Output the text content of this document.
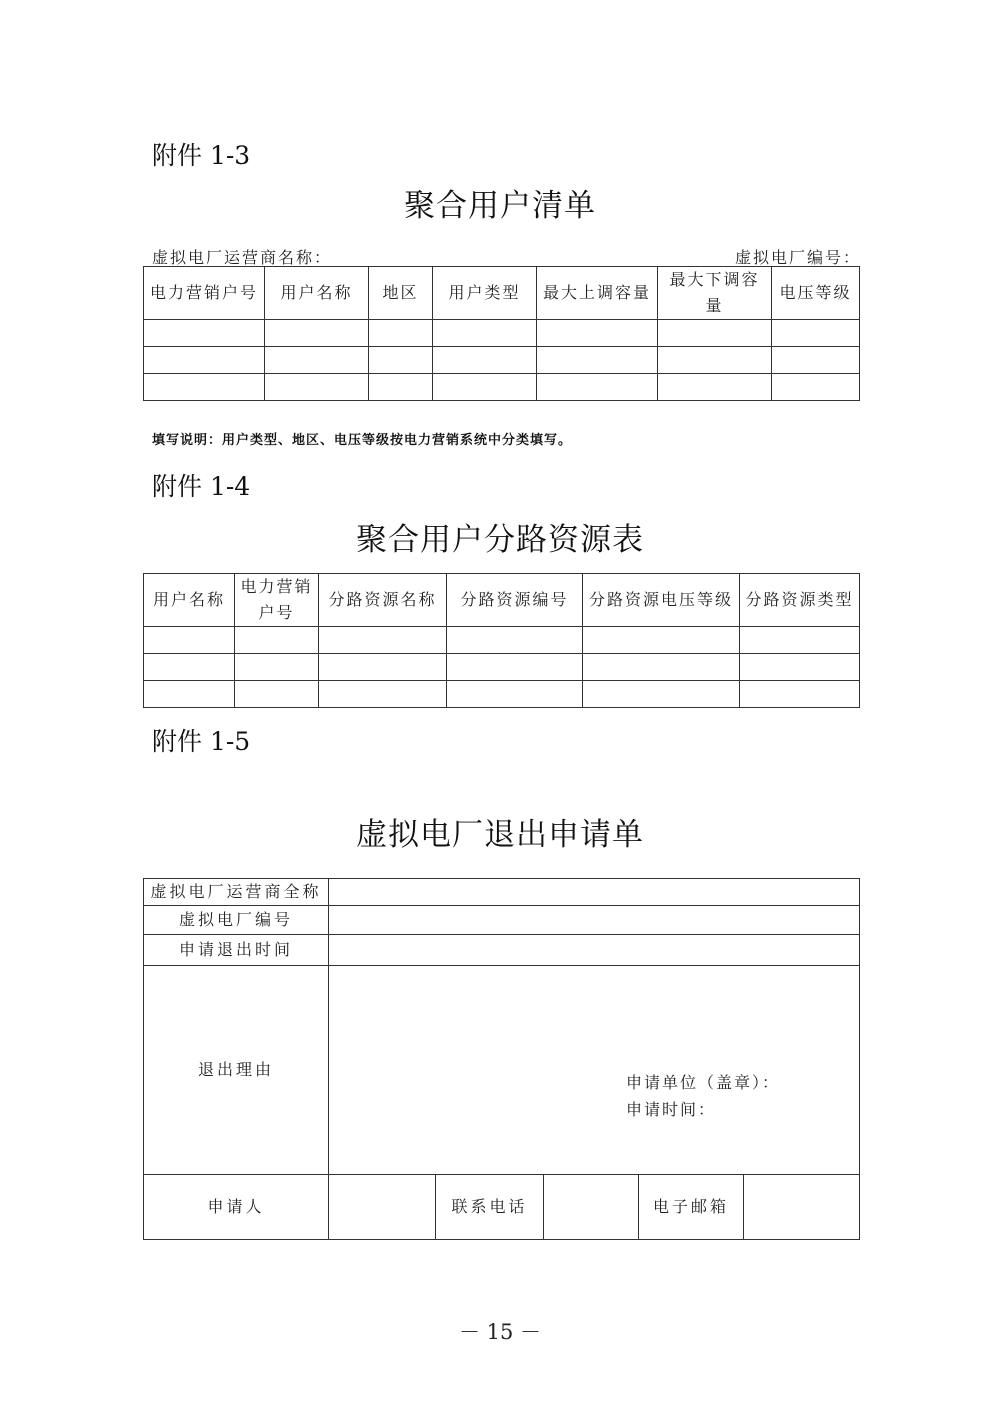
附件 1-3
聚合用户清单
虚拟电厂运营商名称：	虚拟电厂编号：
电力营销户号	用户名称	地区	用户类型	最大上调容量	最大下调容量	电压等级

填写说明：用户类型、地区、电压等级按电力营销系统中分类填写。
附件 1-4
聚合用户分路资源表
用户名称	电力营销户号	分路资源名称	分路资源编号	分路资源电压等级	分路资源类型

附件 1-5
虚拟电厂退出申请单
虚拟电厂运营商全称					
虚拟电厂编号					
申请退出时间					
退出理由	申请单位（盖章）：
申请时间：				

申请人		联系电话		电子邮箱	
－ 15 －
